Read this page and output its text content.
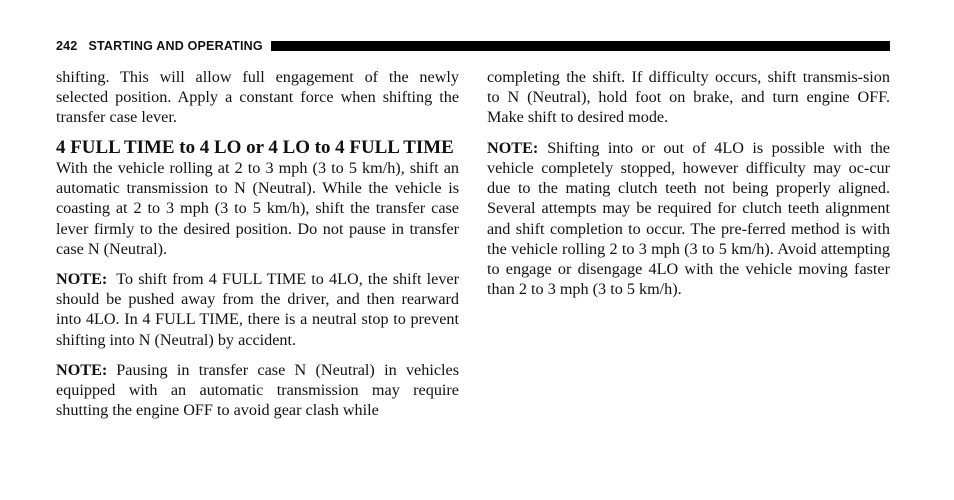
242 STARTING AND OPERATING

shifting. This will allow full engagement of the newly selected position. Apply a constant force when shifting the transfer case lever.

4 FULL TIME to 4 LO or 4 LO to 4 FULL TIME

With the vehicle rolling at 2 to 3 mph (3 to 5 km/h), shift an automatic transmission to N (Neutral). While the vehicle is coasting at 2 to 3 mph (3 to 5 km/h), shift the transfer case lever firmly to the desired position. Do not pause in transfer case N (Neutral).

NOTE: To shift from 4 FULL TIME to 4LO, the shift lever should be pushed away from the driver, and then rearward into 4LO. In 4 FULL TIME, there is a neutral stop to prevent shifting into N (Neutral) by accident.

NOTE: Pausing in transfer case N (Neutral) in vehicles equipped with an automatic transmission may require shutting the engine OFF to avoid gear clash while

completing the shift. If difficulty occurs, shift transmis-sion to N (Neutral), hold foot on brake, and turn engine OFF. Make shift to desired mode.

NOTE: Shifting into or out of 4LO is possible with the vehicle completely stopped, however difficulty may oc-cur due to the mating clutch teeth not being properly aligned. Several attempts may be required for clutch teeth alignment and shift completion to occur. The pre-ferred method is with the vehicle rolling 2 to 3 mph (3 to 5 km/h). Avoid attempting to engage or disengage 4LO with the vehicle moving faster than 2 to 3 mph (3 to 5 km/h).
